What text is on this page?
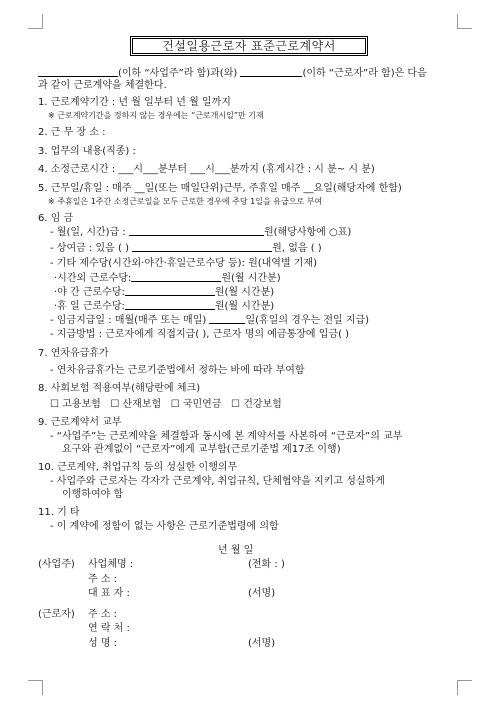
건설일용근로자 표준근로계약서
(이하 “사업주”라 함)과(와)	(이하 “근로자”라 함)은 다음
과 같이 근로계약을 체결한다.
1. 근로계약기간 : 년 월 일부터 년 월 일까지
※ 근로계약기간을 정하지 않는 경우에는 “근로개시일”만 기재
2. 근 무 장 소 :
3. 업무의 내용(직종) :
4. 소정근로시간 : ___시___분부터 ___시___분까지 (휴게시간 : 시 분~ 시 분)
5. 근무일/휴일 : 매주 __일(또는 매일단위)근무, 주휴일 매주 __요일(해당자에 한함)
※ 주휴일은 1주간 소정근로일을 모두 근로한 경우에 주당 1일을 유급으로 부여
6. 임 금
- 월(일, 시간)급 :	원(해당사항에 ○표)
- 상여금 : 있음 ( )	원, 없음 ( )
- 기타 제수당(시간외·야간·휴일근로수당 등): 원(내역별 기재)
·시간외 근로수당:	원(월 시간분)
·야 간 근로수당:	원(월 시간분)
·휴 일 근로수당:	원(월 시간분)
- 임금지급일 : 매월(매주 또는 매일)	일(휴일의 경우는 전일 지급)
- 지급방법 : 근로자에게 직접지급( ), 근로자 명의 예금통장에 입금( )
7. 연차유급휴가
- 연차유급휴가는 근로기준법에서 정하는 바에 따라 부여함
8. 사회보험 적용여부(해당란에 체크)
☐ 고용보험 ☐ 산재보험 ☐ 국민연금 ☐ 건강보험
9. 근로계약서 교부
- “사업주”는 근로계약을 체결함과 동시에 본 계약서를 사본하여 “근로자”의 교부
요구와 관계없이 “근로자”에게 교부함(근로기준법 제17조 이행)
10. 근로계약, 취업규칙 등의 성실한 이행의무
- 사업주와 근로자는 각자가 근로계약, 취업규칙, 단체협약을 지키고 성실하게
이행하여야 함
11. 기 타
- 이 계약에 정함이 없는 사항은 근로기준법령에 의함
년 월 일
(사업주) 사업체명 :	(전화 : )
주 소 :
대 표 자 :	(서명)
(근로자) 주 소 :
연 락 처 :
성 명 :	(서명)
